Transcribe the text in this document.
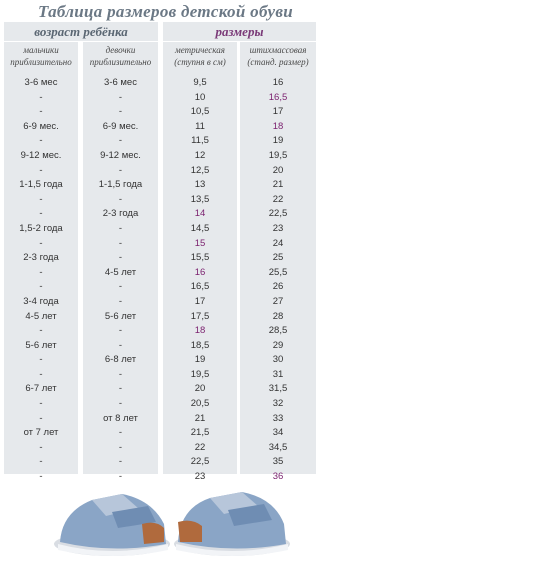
Таблица размеров детской обуви
возраст ребёнка	размеры
мальчики приблизительно
девочки приблизительно
метрическая (ступня в см)
штихмассовая (станд. размер)
3-6 мес	3-6 мес	9,5	16
-	-	10	16,5
-	-	10,5	17
6-9 мес.	6-9 мес.	11	18
-	-	11,5	19
9-12 мес.	9-12 мес.	12	19,5
-	-	12,5	20
1-1,5 года	1-1,5 года	13	21
-	-	13,5	22
-	2-3 года	14	22,5
1,5-2 года	-	14,5	23
-	-	15	24
2-3 года	-	15,5	25
-	4-5 лет	16	25,5
-	-	16,5	26
3-4 года	-	17	27
4-5 лет	5-6 лет	17,5	28
-	-	18	28,5
5-6 лет	-	18,5	29
-	6-8 лет	19	30
-	-	19,5	31
6-7 лет	-	20	31,5
-	-	20,5	32
-	от 8 лет	21	33
от 7 лет	-	21,5	34
-	-	22	34,5
-	-	22,5	35
-	-	23	36
